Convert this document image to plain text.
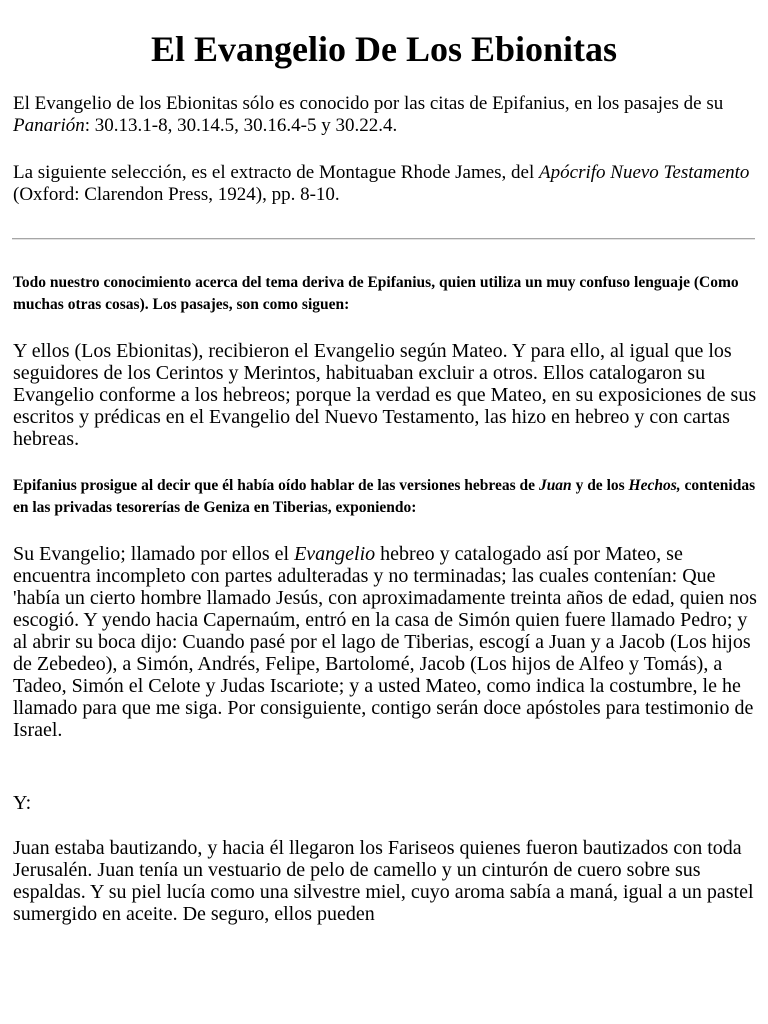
El Evangelio De Los Ebionitas

El Evangelio de los Ebionitas sólo es conocido por las citas de Epifanius, en los pasajes de su Panarión: 30.13.1-8, 30.14.5, 30.16.4-5 y 30.22.4.

La siguiente selección, es el extracto de Montague Rhode James, del Apócrifo Nuevo Testamento (Oxford: Clarendon Press, 1924), pp. 8-10.

Todo nuestro conocimiento acerca del tema deriva de Epifanius, quien utiliza un muy confuso lenguaje (Como muchas otras cosas). Los pasajes, son como siguen:

Y ellos (Los Ebionitas), recibieron el Evangelio según Mateo. Y para ello, al igual que los seguidores de los Cerintos y Merintos, habituaban excluir a otros. Ellos catalogaron su Evangelio conforme a los hebreos; porque la verdad es que Mateo, en su exposiciones de sus escritos y prédicas en el Evangelio del Nuevo Testamento, las hizo en hebreo y con cartas hebreas.

Epifanius prosigue al decir que él había oído hablar de las versiones hebreas de Juan y de los Hechos, contenidas en las privadas tesorerías de Geniza en Tiberias, exponiendo:

Su Evangelio; llamado por ellos el Evangelio hebreo y catalogado así por Mateo, se encuentra incompleto con partes adulteradas y no terminadas; las cuales contenían: Que 'había un cierto hombre llamado Jesús, con aproximadamente treinta años de edad, quien nos escogió. Y yendo hacia Capernaúm, entró en la casa de Simón quien fuere llamado Pedro; y al abrir su boca dijo: Cuando pasé por el lago de Tiberias, escogí a Juan y a Jacob (Los hijos de Zebedeo), a Simón, Andrés, Felipe, Bartolomé, Jacob (Los hijos de Alfeo y Tomás), a Tadeo, Simón el Celote y Judas Iscariote; y a usted Mateo, como indica la costumbre, le he llamado para que me siga. Por consiguiente, contigo serán doce apóstoles para testimonio de Israel.

Y:

Juan estaba bautizando, y hacia él llegaron los Fariseos quienes fueron bautizados con toda Jerusalén. Juan tenía un vestuario de pelo de camello y un cinturón de cuero sobre sus espaldas. Y su piel lucía como una silvestre miel, cuyo aroma sabía a maná, igual a un pastel sumergido en aceite. De seguro, ellos pueden
